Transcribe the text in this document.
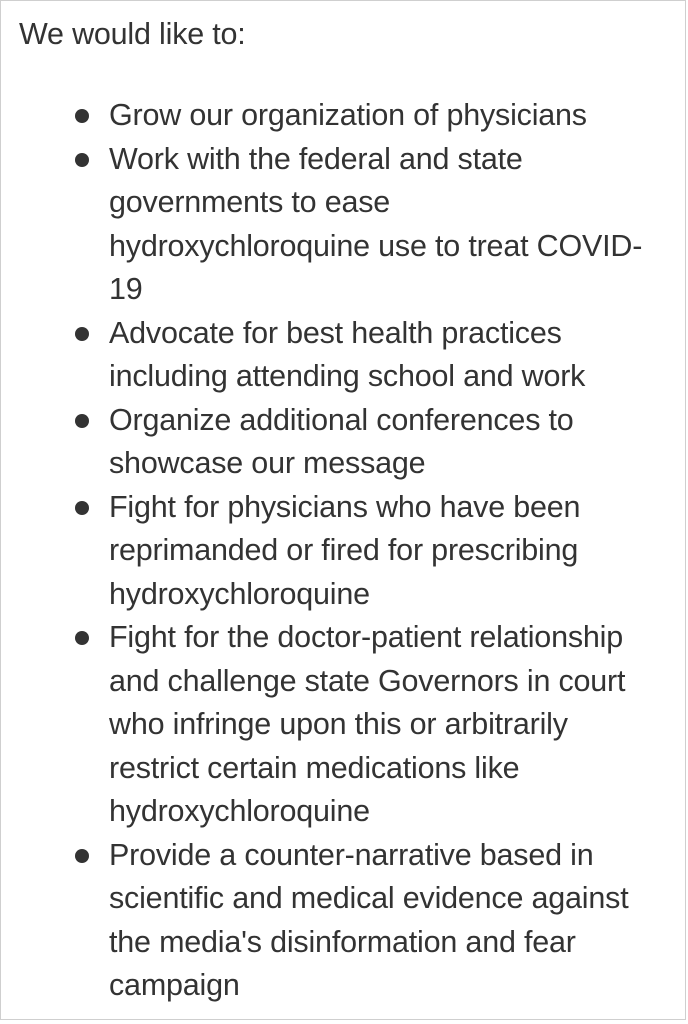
We would like to:

Grow our organization of physicians
Work with the federal and state
governments to ease
hydroxychloroquine use to treat COVID-
19
Advocate for best health practices
including attending school and work
Organize additional conferences to
showcase our message
Fight for physicians who have been
reprimanded or fired for prescribing
hydroxychloroquine
Fight for the doctor-patient relationship
and challenge state Governors in court
who infringe upon this or arbitrarily
restrict certain medications like
hydroxychloroquine
Provide a counter-narrative based in
scientific and medical evidence against
the media's disinformation and fear
campaign
